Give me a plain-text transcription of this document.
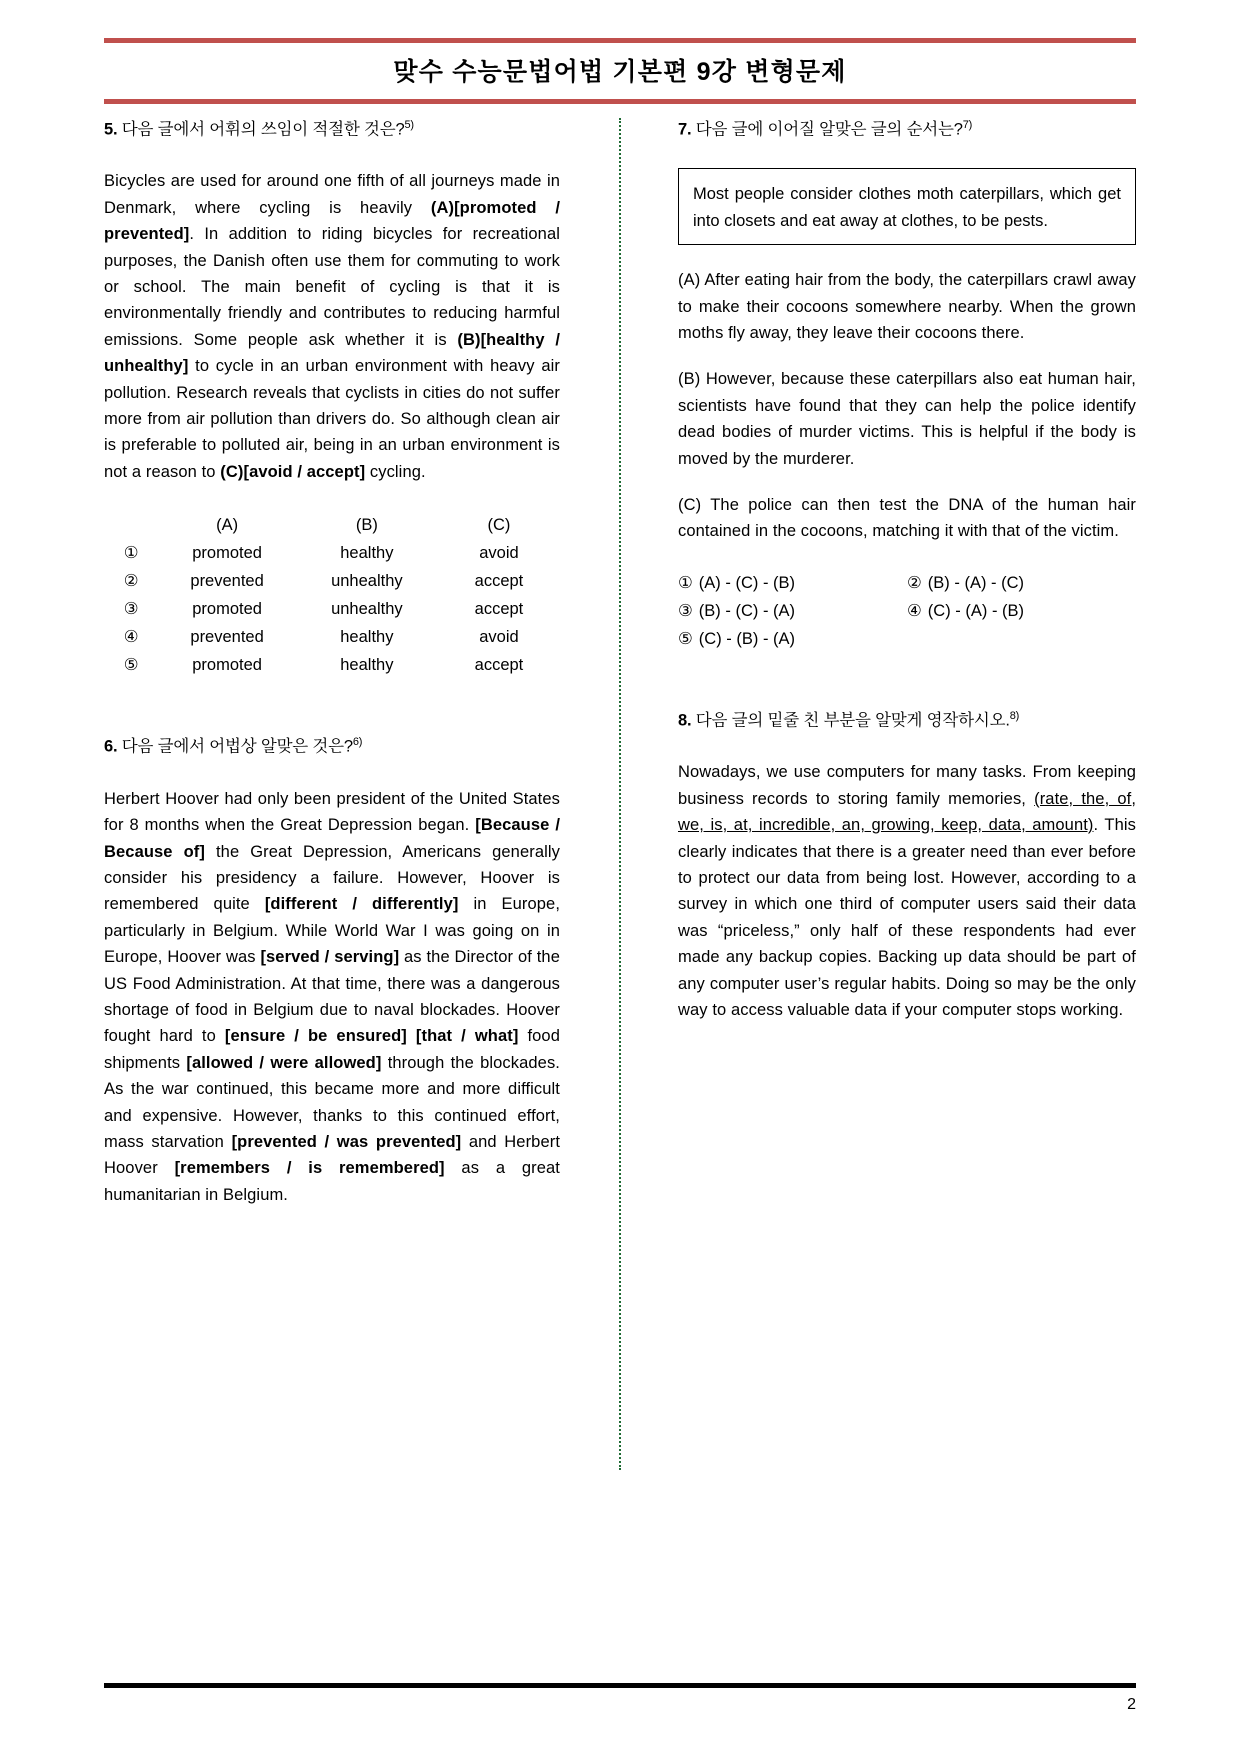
맞수 수능문법어법 기본편 9강 변형문제
5. 다음 글에서 어휘의 쓰임이 적절한 것은?$^{5)}$
Bicycles are used for around one fifth of all journeys made in Denmark, where cycling is heavily (A)[promoted / prevented]. In addition to riding bicycles for recreational purposes, the Danish often use them for commuting to work or school. The main benefit of cycling is that it is environmentally friendly and contributes to reducing harmful emissions. Some people ask whether it is (B)[healthy / unhealthy] to cycle in an urban environment with heavy air pollution. Research reveals that cyclists in cities do not suffer more from air pollution than drivers do. So although clean air is preferable to polluted air, being in an urban environment is not a reason to (C)[avoid / accept] cycling.
	(A)	(B)	(C)
①	promoted	healthy	avoid
②	prevented	unhealthy	accept
③	promoted	unhealthy	accept
④	prevented	healthy	avoid
⑤	promoted	healthy	accept
6. 다음 글에서 어법상 알맞은 것은?$^{6)}$
Herbert Hoover had only been president of the United States for 8 months when the Great Depression began. [Because / Because of] the Great Depression, Americans generally consider his presidency a failure. However, Hoover is remembered quite [different / differently] in Europe, particularly in Belgium. While World War I was going on in Europe, Hoover was [served / serving] as the Director of the US Food Administration. At that time, there was a dangerous shortage of food in Belgium due to naval blockades. Hoover fought hard to [ensure / be ensured] [that / what] food shipments [allowed / were allowed] through the blockades. As the war continued, this became more and more difficult and expensive. However, thanks to this continued effort, mass starvation [prevented / was prevented] and Herbert Hoover [remembers / is remembered] as a great humanitarian in Belgium.
7. 다음 글에 이어질 알맞은 글의 순서는?$^{7)}$
Most people consider clothes moth caterpillars, which get into closets and eat away at clothes, to be pests.
(A) After eating hair from the body, the caterpillars crawl away to make their cocoons somewhere nearby. When the grown moths fly away, they leave their cocoons there.
(B) However, because these caterpillars also eat human hair, scientists have found that they can help the police identify dead bodies of murder victims. This is helpful if the body is moved by the murderer.
(C) The police can then test the DNA of the human hair contained in the cocoons, matching it with that of the victim.
① (A) - (C) - (B)	② (B) - (A) - (C)
③ (B) - (C) - (A)	④ (C) - (A) - (B)
⑤ (C) - (B) - (A)
8. 다음 글의 밑줄 친 부분을 알맞게 영작하시오.$^{8)}$
Nowadays, we use computers for many tasks. From keeping business records to storing family memories, (rate, the, of, we, is, at, incredible, an, growing, keep, data, amount). This clearly indicates that there is a greater need than ever before to protect our data from being lost. However, according to a survey in which one third of computer users said their data was “priceless,” only half of these respondents had ever made any backup copies. Backing up data should be part of any computer user’s regular habits. Doing so may be the only way to access valuable data if your computer stops working.
2
